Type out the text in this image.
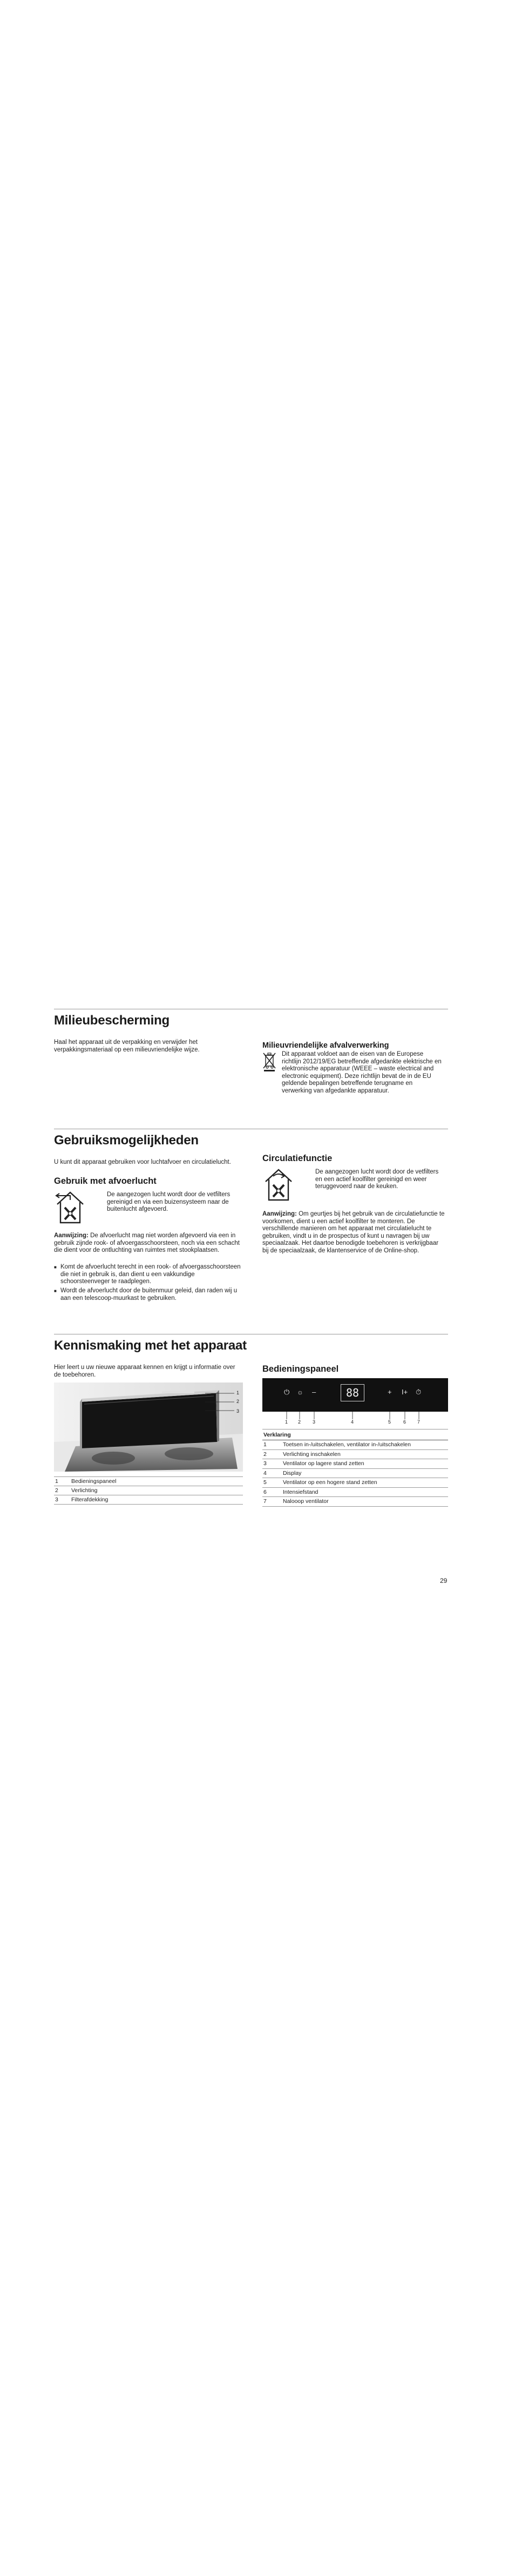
Milieubescherming
Haal het apparaat uit de verpakking en verwijder het verpakkingsmateriaal op een milieuvriendelijke wijze.	Milieuvriendelijke afvalverwerking
Dit apparaat voldoet aan de eisen van de Europese richtlijn 2012/19/EG betreffende afgedankte elektrische en elektronische apparatuur (WEEE – waste electrical and electronic equipment). Deze richtlijn bevat de in de EU geldende bepalingen betreffende terugname en verwerking van afgedankte apparatuur.
Gebruiksmogelijkheden
U kunt dit apparaat gebruiken voor luchtafvoer en circulatielucht.
Gebruik met afvoerlucht
De aangezogen lucht wordt door de vetfilters gereinigd en via een buizensysteem naar de buitenlucht afgevoerd.
Aanwijzing: De afvoerlucht mag niet worden afgevoerd via een in gebruik zijnde rook- of afvoergasschoorsteen, noch via een schacht die dient voor de ontluchting van ruimtes met stookplaatsen.
■ Komt de afvoerlucht terecht in een rook- of afvoergasschoorsteen die niet in gebruik is, dan dient u een vakkundige schoorsteenveger te raadplegen.
■ Wordt de afvoerlucht door de buitenmuur geleid, dan raden wij u aan een telescoop-muurkast te gebruiken.
Circulatiefunctie
De aangezogen lucht wordt door de vetfilters en een actief koolfilter gereinigd en weer teruggevoerd naar de keuken.
Aanwijzing: Om geurtjes bij het gebruik van de circulatiefunctie te voorkomen, dient u een actief koolfilter te monteren. De verschillende manieren om het apparaat met circulatielucht te gebruiken, vindt u in de prospectus of kunt u navragen bij uw speciaalzaak. Het daartoe benodigde toebehoren is verkrijgbaar bij de speciaalzaak, de klantenservice of de Online-shop.
Kennismaking met het apparaat
Hier leert u uw nieuwe apparaat kennen en krijgt u informatie over de toebehoren.
1
2
3
1	Bedieningspaneel
2	Verlichting
3	Filterafdekking
Bedieningspaneel
⏻ ☼ –	88	+ I+ ⏱
1 2 3	4	5	6 7
Verklaring	
1	Toetsen in-/uitschakelen, ventilator in-/uitschakelen
2	Verlichting inschakelen
3	Ventilator op lagere stand zetten
4	Display
5	Ventilator op een hogere stand zetten
6	Intensiefstand
7	Nalooop ventilator
29
